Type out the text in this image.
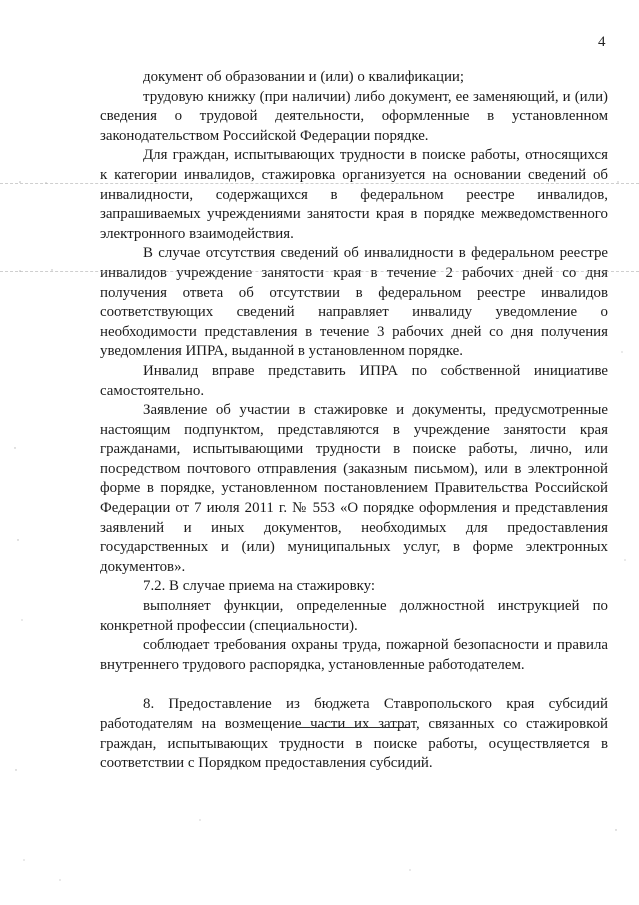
4

документ об образовании и (или) о квалификации;

трудовую книжку (при наличии) либо документ, ее заменяющий, и (или) сведения о трудовой деятельности, оформленные в установленном законодательством Российской Федерации порядке.

Для граждан, испытывающих трудности в поиске работы, относящихся к категории инвалидов, стажировка организуется на основании сведений об инвалидности, содержащихся в федеральном реестре инвалидов, запрашиваемых учреждениями занятости края в порядке межведомственного электронного взаимодействия.

В случае отсутствия сведений об инвалидности в федеральном реестре инвалидов учреждение занятости края в течение 2 рабочих дней со дня получения ответа об отсутствии в федеральном реестре инвалидов соответствующих сведений направляет инвалиду уведомление о необходимости представления в течение 3 рабочих дней со дня получения уведомления ИПРА, выданной в установленном порядке.

Инвалид вправе представить ИПРА по собственной инициативе самостоятельно.

Заявление об участии в стажировке и документы, предусмотренные настоящим подпунктом, представляются в учреждение занятости края гражданами, испытывающими трудности в поиске работы, лично, или посредством почтового отправления (заказным письмом), или в электронной форме в порядке, установленном постановлением Правительства Российской Федерации от 7 июля 2011 г. № 553 «О порядке оформления и представления заявлений и иных документов, необходимых для предоставления государственных и (или) муниципальных услуг, в форме электронных документов».

7.2. В случае приема на стажировку:

выполняет функции, определенные должностной инструкцией по конкретной профессии (специальности).

соблюдает требования охраны труда, пожарной безопасности и правила внутреннего трудового распорядка, установленные работодателем.

8. Предоставление из бюджета Ставропольского края субсидий работодателям на возмещение части их затрат, связанных со стажировкой граждан, испытывающих трудности в поиске работы, осуществляется в соответствии с Порядком предоставления субсидий.
